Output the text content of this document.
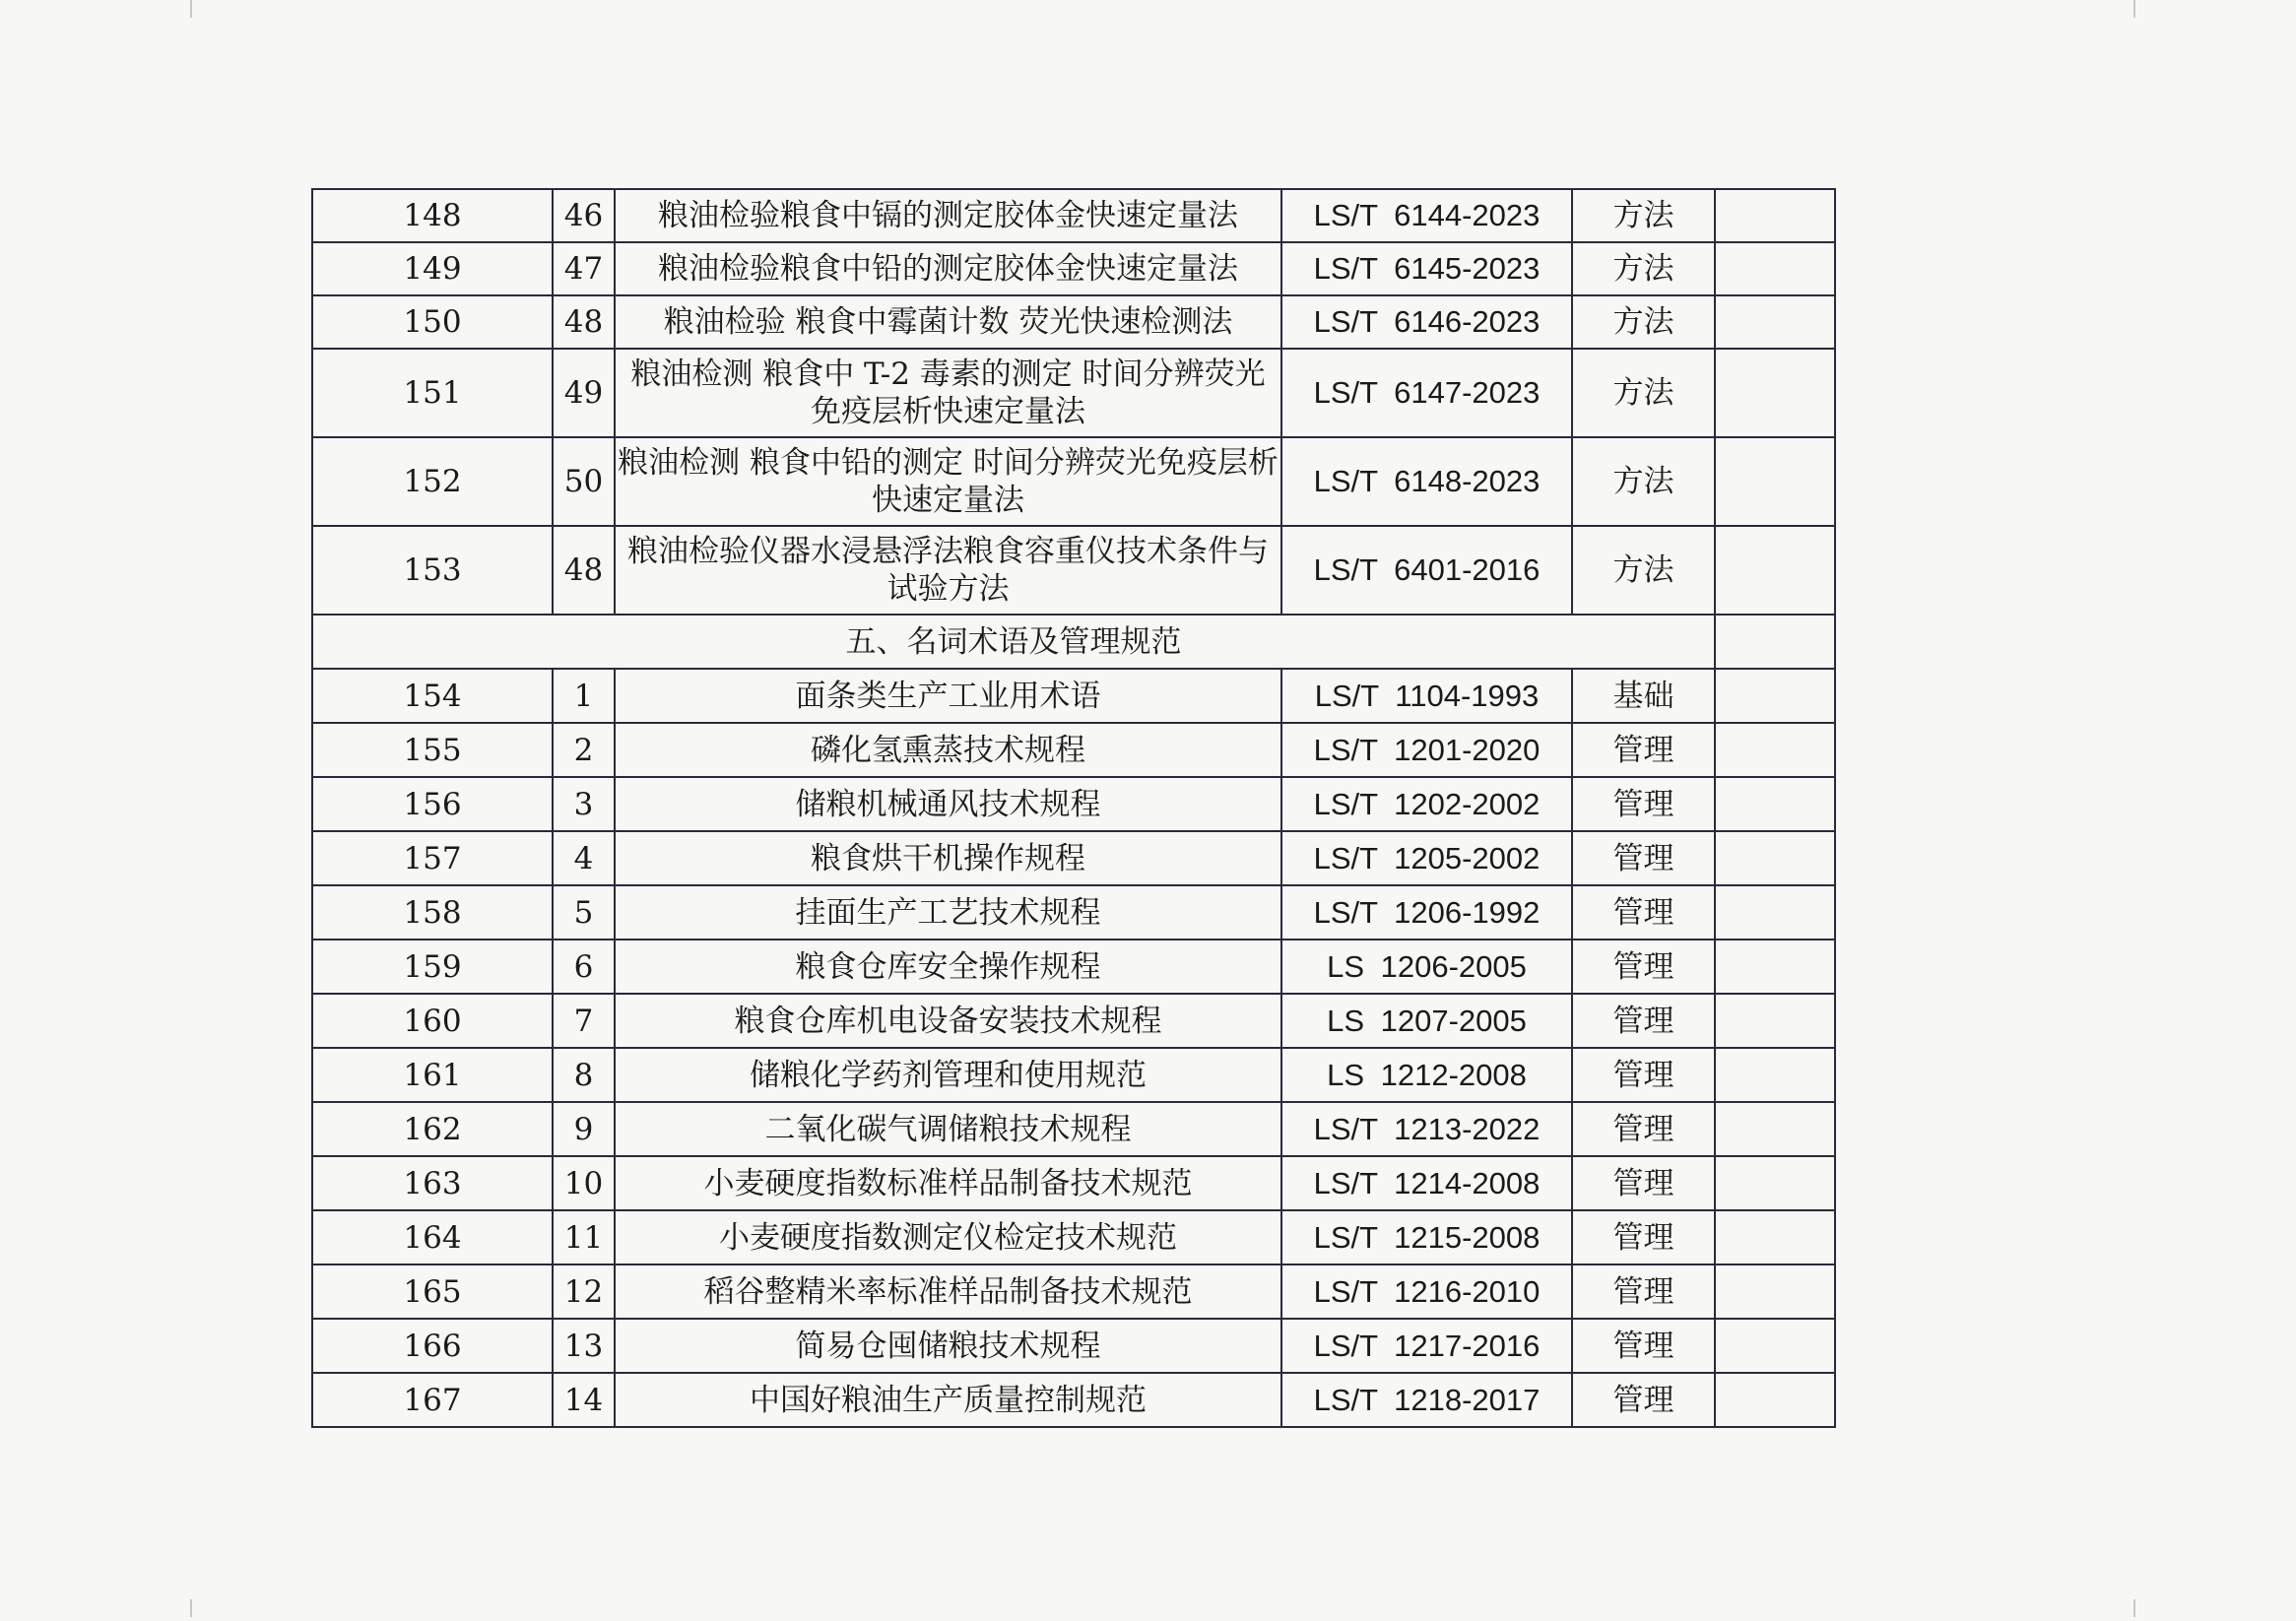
148	46	粮油检验粮食中镉的测定胶体金快速定量法	LS/T 6144-2023	方法	
149	47	粮油检验粮食中铅的测定胶体金快速定量法	LS/T 6145-2023	方法	
150	48	粮油检验 粮食中霉菌计数 荧光快速检测法	LS/T 6146-2023	方法	
151	49	粮油检测 粮食中 T-2 毒素的测定 时间分辨荧光免疫层析快速定量法	LS/T 6147-2023	方法	
152	50	粮油检测 粮食中铅的测定 时间分辨荧光免疫层析快速定量法	LS/T 6148-2023	方法	
153	48	粮油检验仪器水浸悬浮法粮食容重仪技术条件与试验方法	LS/T 6401-2016	方法	
五、名词术语及管理规范					
154	1	面条类生产工业用术语	LS/T 1104-1993	基础	
155	2	磷化氢熏蒸技术规程	LS/T 1201-2020	管理	
156	3	储粮机械通风技术规程	LS/T 1202-2002	管理	
157	4	粮食烘干机操作规程	LS/T 1205-2002	管理	
158	5	挂面生产工艺技术规程	LS/T 1206-1992	管理	
159	6	粮食仓库安全操作规程	LS 1206-2005	管理	
160	7	粮食仓库机电设备安装技术规程	LS 1207-2005	管理	
161	8	储粮化学药剂管理和使用规范	LS 1212-2008	管理	
162	9	二氧化碳气调储粮技术规程	LS/T 1213-2022	管理	
163	10	小麦硬度指数标准样品制备技术规范	LS/T 1214-2008	管理	
164	11	小麦硬度指数测定仪检定技术规范	LS/T 1215-2008	管理	
165	12	稻谷整精米率标准样品制备技术规范	LS/T 1216-2010	管理	
166	13	简易仓囤储粮技术规程	LS/T 1217-2016	管理	
167	14	中国好粮油生产质量控制规范	LS/T 1218-2017	管理	
